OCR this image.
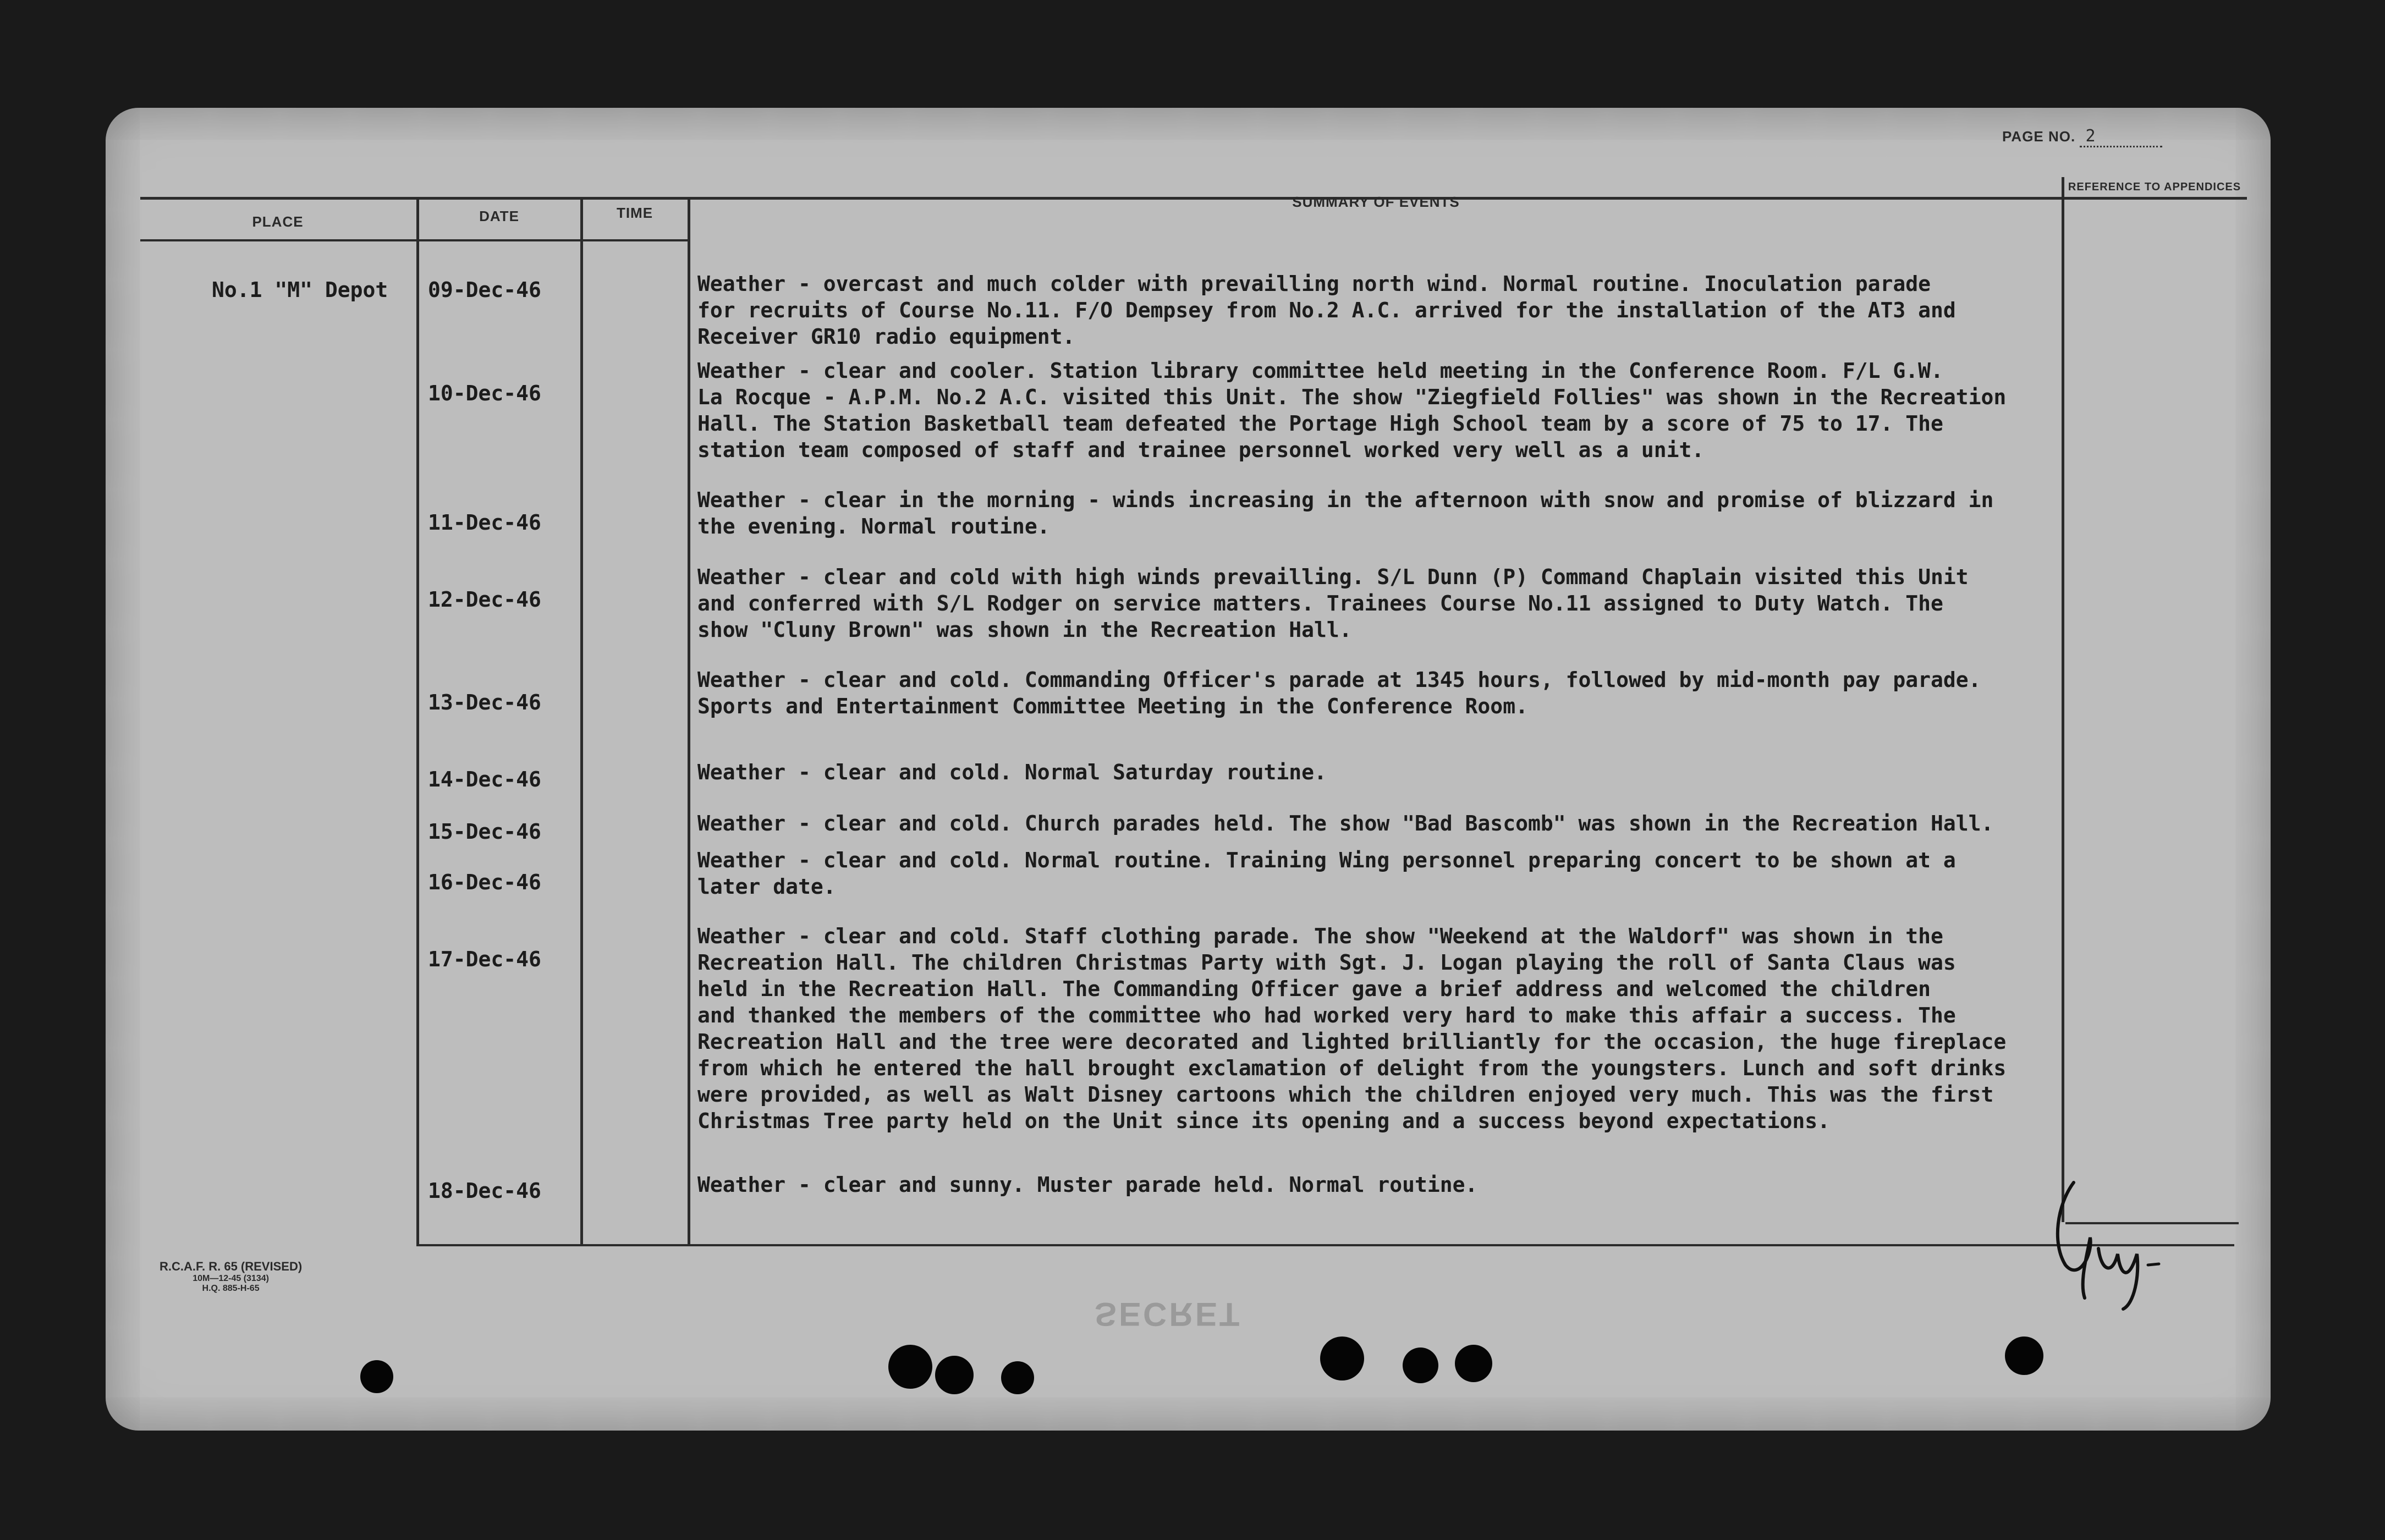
PAGE NO. 2
PLACE	DATE	TIME
SUMMARY OF EVENTS
REFERENCE TO APPENDICES
No.1 "M" Depot 09-Dec-46
10-Dec-46
11-Dec-46
12-Dec-46
13-Dec-46
14-Dec-46
15-Dec-46
16-Dec-46
17-Dec-46
18-Dec-46
Weather - overcast and much colder with prevailling north wind. Normal routine. Inoculation parade
for recruits of Course No.11. F/O Dempsey from No.2 A.C. arrived for the installation of the AT3 and
Receiver GR10 radio equipment.
Weather - clear and cooler. Station library committee held meeting in the Conference Room. F/L G.W.
La Rocque - A.P.M. No.2 A.C. visited this Unit. The show "Ziegfield Follies" was shown in the Recreation
Hall. The Station Basketball team defeated the Portage High School team by a score of 75 to 17. The
station team composed of staff and trainee personnel worked very well as a unit.
Weather - clear in the morning - winds increasing in the afternoon with snow and promise of blizzard in
the evening. Normal routine.
Weather - clear and cold with high winds prevailling. S/L Dunn (P) Command Chaplain visited this Unit
and conferred with S/L Rodger on service matters. Trainees Course No.11 assigned to Duty Watch. The
show "Cluny Brown" was shown in the Recreation Hall.
Weather - clear and cold. Commanding Officer's parade at 1345 hours, followed by mid-month pay parade.
Sports and Entertainment Committee Meeting in the Conference Room.
Weather - clear and cold. Normal Saturday routine.
Weather - clear and cold. Church parades held. The show "Bad Bascomb" was shown in the Recreation Hall.
Weather - clear and cold. Normal routine. Training Wing personnel preparing concert to be shown at a
later date.
Weather - clear and cold. Staff clothing parade. The show "Weekend at the Waldorf" was shown in the
Recreation Hall. The children Christmas Party with Sgt. J. Logan playing the roll of Santa Claus was
held in the Recreation Hall. The Commanding Officer gave a brief address and welcomed the children
and thanked the members of the committee who had worked very hard to make this affair a success. The
Recreation Hall and the tree were decorated and lighted brilliantly for the occasion, the huge fireplace
from which he entered the hall brought exclamation of delight from the youngsters. Lunch and soft drinks
were provided, as well as Walt Disney cartoons which the children enjoyed very much. This was the first
Christmas Tree party held on the Unit since its opening and a success beyond expectations.
Weather - clear and sunny. Muster parade held. Normal routine.
R.C.A.F. R. 65 (REVISED)
10M—12-45 (3134)
H.Q. 885-H-65
SECRET
